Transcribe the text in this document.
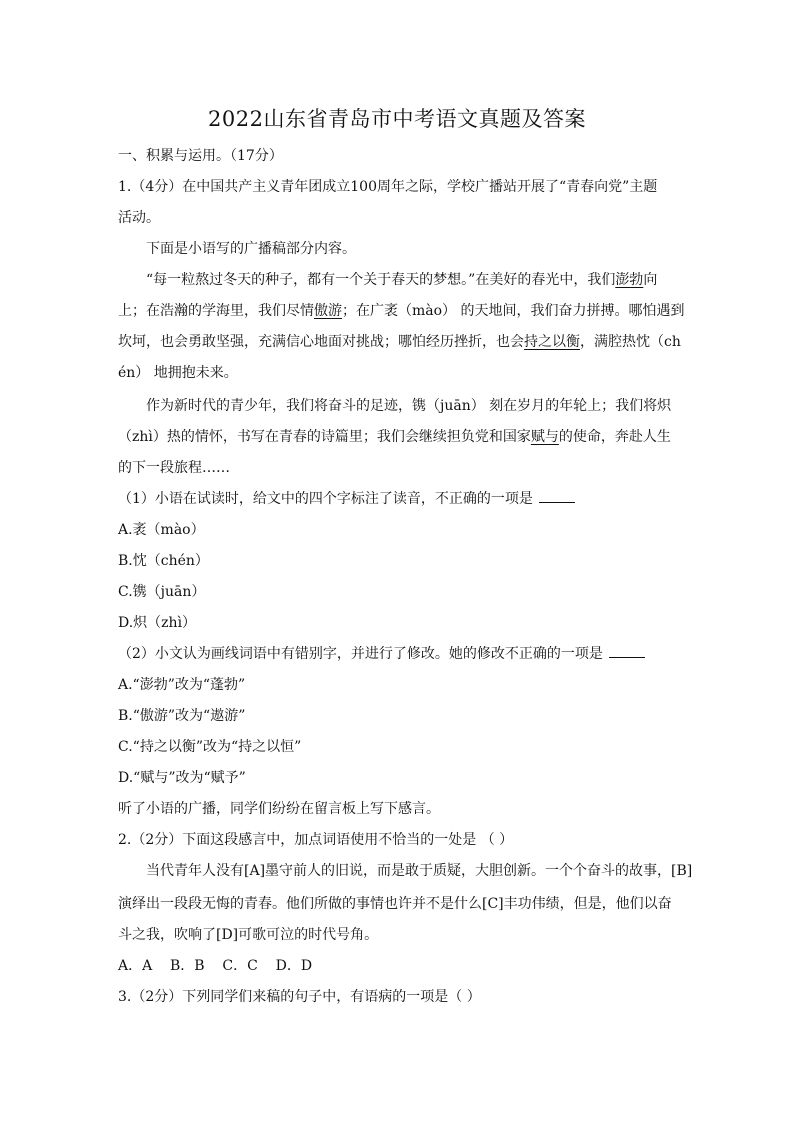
2022山东省青岛市中考语文真题及答案
一、积累与运用。（17分）
1.（4分）在中国共产主义青年团成立100周年之际，学校广播站开展了“青春向党”主题
活动。
下面是小语写的广播稿部分内容。
“每一粒熬过冬天的种子，都有一个关于春天的梦想。”在美好的春光中，我们澎勃向
上；在浩瀚的学海里，我们尽情傲游；在广袤（mào） 的天地间，我们奋力拼搏。哪怕遇到
坎坷，也会勇敢坚强，充满信心地面对挑战；哪怕经历挫折，也会持之以衡，满腔热忱（ch
én） 地拥抱未来。
作为新时代的青少年，我们将奋斗的足迹，镌（juān） 刻在岁月的年轮上；我们将炽
（zhì）热的情怀，书写在青春的诗篇里；我们会继续担负党和国家赋与的使命，奔赴人生
的下一段旅程……
（1）小语在试读时，给文中的四个字标注了读音，不正确的一项是
A.袤（mào）
B.忱（chén）
C.镌（juān）
D.炽（zhì）
（2）小文认为画线词语中有错别字，并进行了修改。她的修改不正确的一项是
A.“澎勃”改为“蓬勃”
B.“傲游”改为“遨游”
C.“持之以衡”改为“持之以恒”
D.“赋与”改为“赋予”
听了小语的广播，同学们纷纷在留言板上写下感言。
2.（2分）下面这段感言中，加点词语使用不恰当的一处是 （ ）
当代青年人没有[A]墨守前人的旧说，而是敢于质疑，大胆创新。一个个奋斗的故事，[B]
演绎出一段段无悔的青春。他们所做的事情也许并不是什么[C]丰功伟绩，但是，他们以奋
斗之我，吹响了[D]可歌可泣的时代号角。
A．A    B．B    C．C    D．D
3.（2分）下列同学们来稿的句子中，有语病的一项是（ ）
